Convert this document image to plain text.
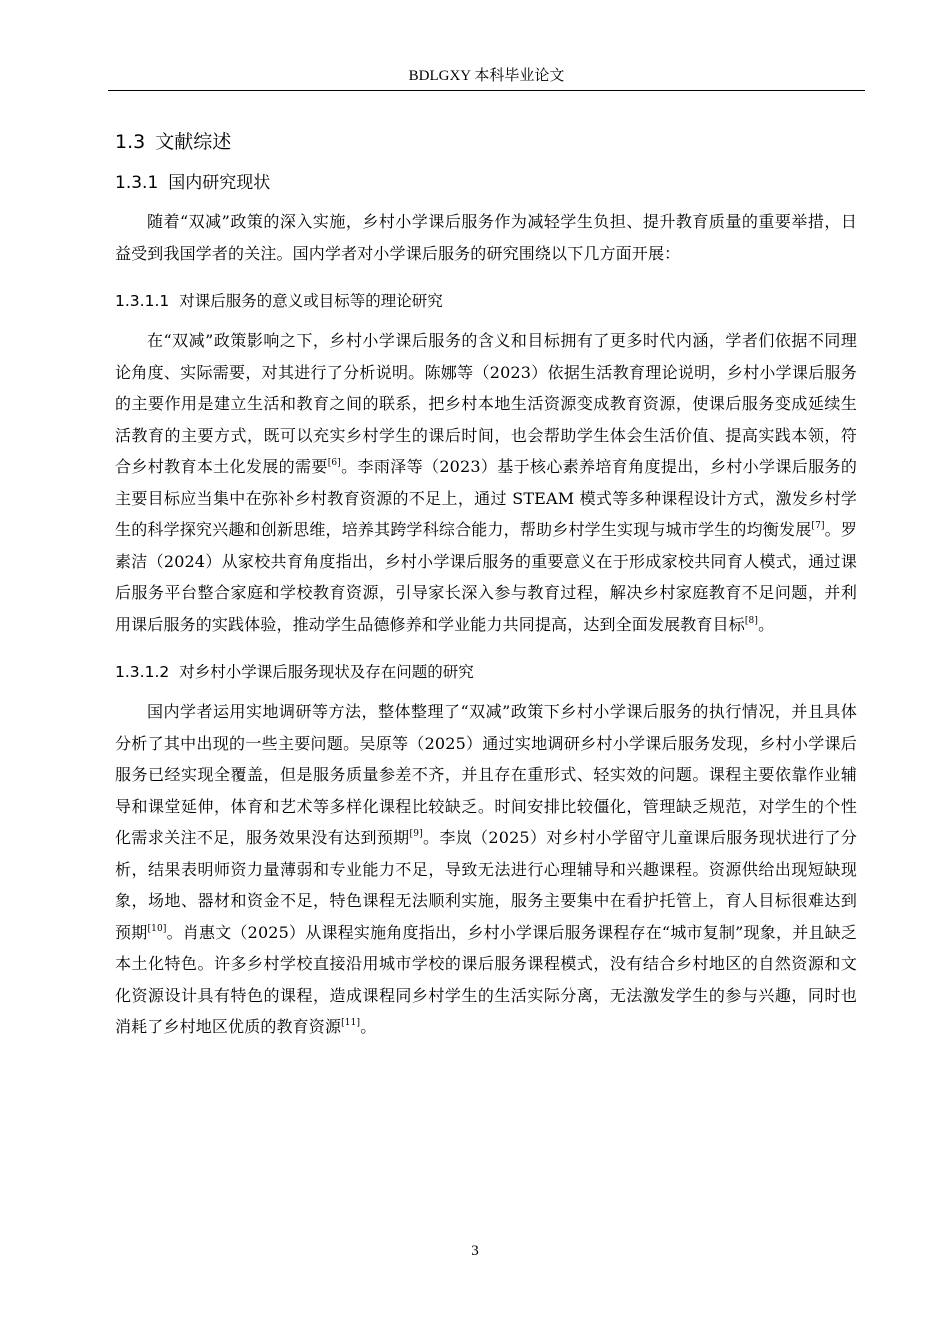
BDLGXY 本科毕业论文
1.3 文献综述
1.3.1 国内研究现状

随着“双减”政策的深入实施，乡村小学课后服务作为减轻学生负担、提升教育质量的重要举措，日益受到我国学者的关注。国内学者对小学课后服务的研究围绕以下几方面开展：

1.3.1.1 对课后服务的意义或目标等的理论研究

在“双减”政策影响之下，乡村小学课后服务的含义和目标拥有了更多时代内涵，学者们依据不同理论角度、实际需要，对其进行了分析说明。陈娜等（2023）依据生活教育理论说明，乡村小学课后服务的主要作用是建立生活和教育之间的联系，把乡村本地生活资源变成教育资源，使课后服务变成延续生活教育的主要方式，既可以充实乡村学生的课后时间，也会帮助学生体会生活价值、提高实践本领，符合乡村教育本土化发展的需要[6]。李雨泽等（2023）基于核心素养培育角度提出，乡村小学课后服务的主要目标应当集中在弥补乡村教育资源的不足上，通过 STEAM 模式等多种课程设计方式，激发乡村学生的科学探究兴趣和创新思维，培养其跨学科综合能力，帮助乡村学生实现与城市学生的均衡发展[7]。罗素洁（2024）从家校共育角度指出，乡村小学课后服务的重要意义在于形成家校共同育人模式，通过课后服务平台整合家庭和学校教育资源，引导家长深入参与教育过程，解决乡村家庭教育不足问题，并利用课后服务的实践体验，推动学生品德修养和学业能力共同提高，达到全面发展教育目标[8]。

1.3.1.2 对乡村小学课后服务现状及存在问题的研究

国内学者运用实地调研等方法，整体整理了“双减”政策下乡村小学课后服务的执行情况，并且具体分析了其中出现的一些主要问题。吴原等（2025）通过实地调研乡村小学课后服务发现，乡村小学课后服务已经实现全覆盖，但是服务质量参差不齐，并且存在重形式、轻实效的问题。课程主要依靠作业辅导和课堂延伸，体育和艺术等多样化课程比较缺乏。时间安排比较僵化，管理缺乏规范，对学生的个性化需求关注不足，服务效果没有达到预期[9]。李岚（2025）对乡村小学留守儿童课后服务现状进行了分析，结果表明师资力量薄弱和专业能力不足，导致无法进行心理辅导和兴趣课程。资源供给出现短缺现象，场地、器材和资金不足，特色课程无法顺利实施，服务主要集中在看护托管上，育人目标很难达到预期[10]。肖惠文（2025）从课程实施角度指出，乡村小学课后服务课程存在“城市复制”现象，并且缺乏本土化特色。许多乡村学校直接沿用城市学校的课后服务课程模式，没有结合乡村地区的自然资源和文化资源设计具有特色的课程，造成课程同乡村学生的生活实际分离，无法激发学生的参与兴趣，同时也消耗了乡村地区优质的教育资源[11]。

3
